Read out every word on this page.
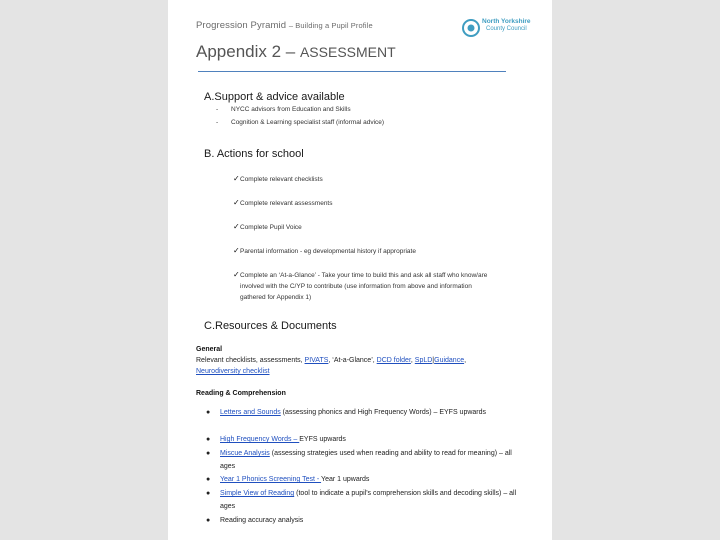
Progression Pyramid – Building a Pupil Profile	North Yorkshire
County Council
Appendix 2 – ASSESSMENT
A.Support & advice available
- NYCC advisors from Education and Skills
- Cognition & Learning specialist staff (informal advice)
B. Actions for school
✓ Complete relevant checklists
✓ Complete relevant assessments
✓ Complete Pupil Voice
✓ Parental information - eg developmental history if appropriate
✓ Complete an ‘At-a-Glance’ - Take your time to build this and ask all staff who know/are involved with the C/YP to contribute (use information from above and information gathered for Appendix 1)
C.Resources & Documents
General
Relevant checklists, assessments, PIVATS, ‘At-a-Glance’, DCD folder, SpLD|Guidance,
Neurodiversity checklist
Reading & Comprehension
● Letters and Sounds (assessing phonics and High Frequency Words) – EYFS upwards
● High Frequency Words – EYFS upwards
● Miscue Analysis (assessing strategies used when reading and ability to read for meaning) – all ages
● Year 1 Phonics Screening Test - Year 1 upwards
● Simple View of Reading (tool to indicate a pupil's comprehension skills and decoding skills) – all ages
● Reading accuracy analysis
